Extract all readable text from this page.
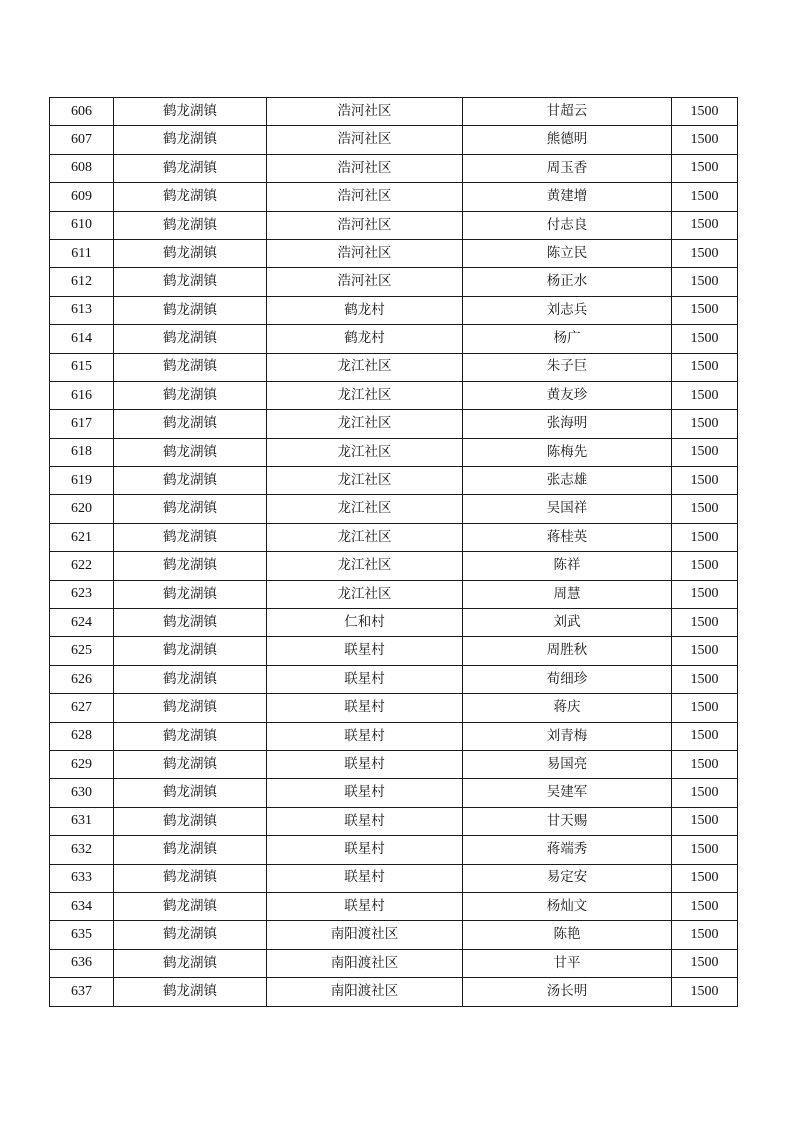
606	鹤龙湖镇	浩河社区	甘超云	1500
607	鹤龙湖镇	浩河社区	熊德明	1500
608	鹤龙湖镇	浩河社区	周玉香	1500
609	鹤龙湖镇	浩河社区	黄建增	1500
610	鹤龙湖镇	浩河社区	付志良	1500
611	鹤龙湖镇	浩河社区	陈立民	1500
612	鹤龙湖镇	浩河社区	杨正水	1500
613	鹤龙湖镇	鹤龙村	刘志兵	1500
614	鹤龙湖镇	鹤龙村	杨广	1500
615	鹤龙湖镇	龙江社区	朱子巨	1500
616	鹤龙湖镇	龙江社区	黄友珍	1500
617	鹤龙湖镇	龙江社区	张海明	1500
618	鹤龙湖镇	龙江社区	陈梅先	1500
619	鹤龙湖镇	龙江社区	张志雄	1500
620	鹤龙湖镇	龙江社区	吴国祥	1500
621	鹤龙湖镇	龙江社区	蒋桂英	1500
622	鹤龙湖镇	龙江社区	陈祥	1500
623	鹤龙湖镇	龙江社区	周慧	1500
624	鹤龙湖镇	仁和村	刘武	1500
625	鹤龙湖镇	联星村	周胜秋	1500
626	鹤龙湖镇	联星村	荀细珍	1500
627	鹤龙湖镇	联星村	蒋庆	1500
628	鹤龙湖镇	联星村	刘青梅	1500
629	鹤龙湖镇	联星村	易国亮	1500
630	鹤龙湖镇	联星村	吴建军	1500
631	鹤龙湖镇	联星村	甘天赐	1500
632	鹤龙湖镇	联星村	蒋端秀	1500
633	鹤龙湖镇	联星村	易定安	1500
634	鹤龙湖镇	联星村	杨灿文	1500
635	鹤龙湖镇	南阳渡社区	陈艳	1500
636	鹤龙湖镇	南阳渡社区	甘平	1500
637	鹤龙湖镇	南阳渡社区	汤长明	1500
